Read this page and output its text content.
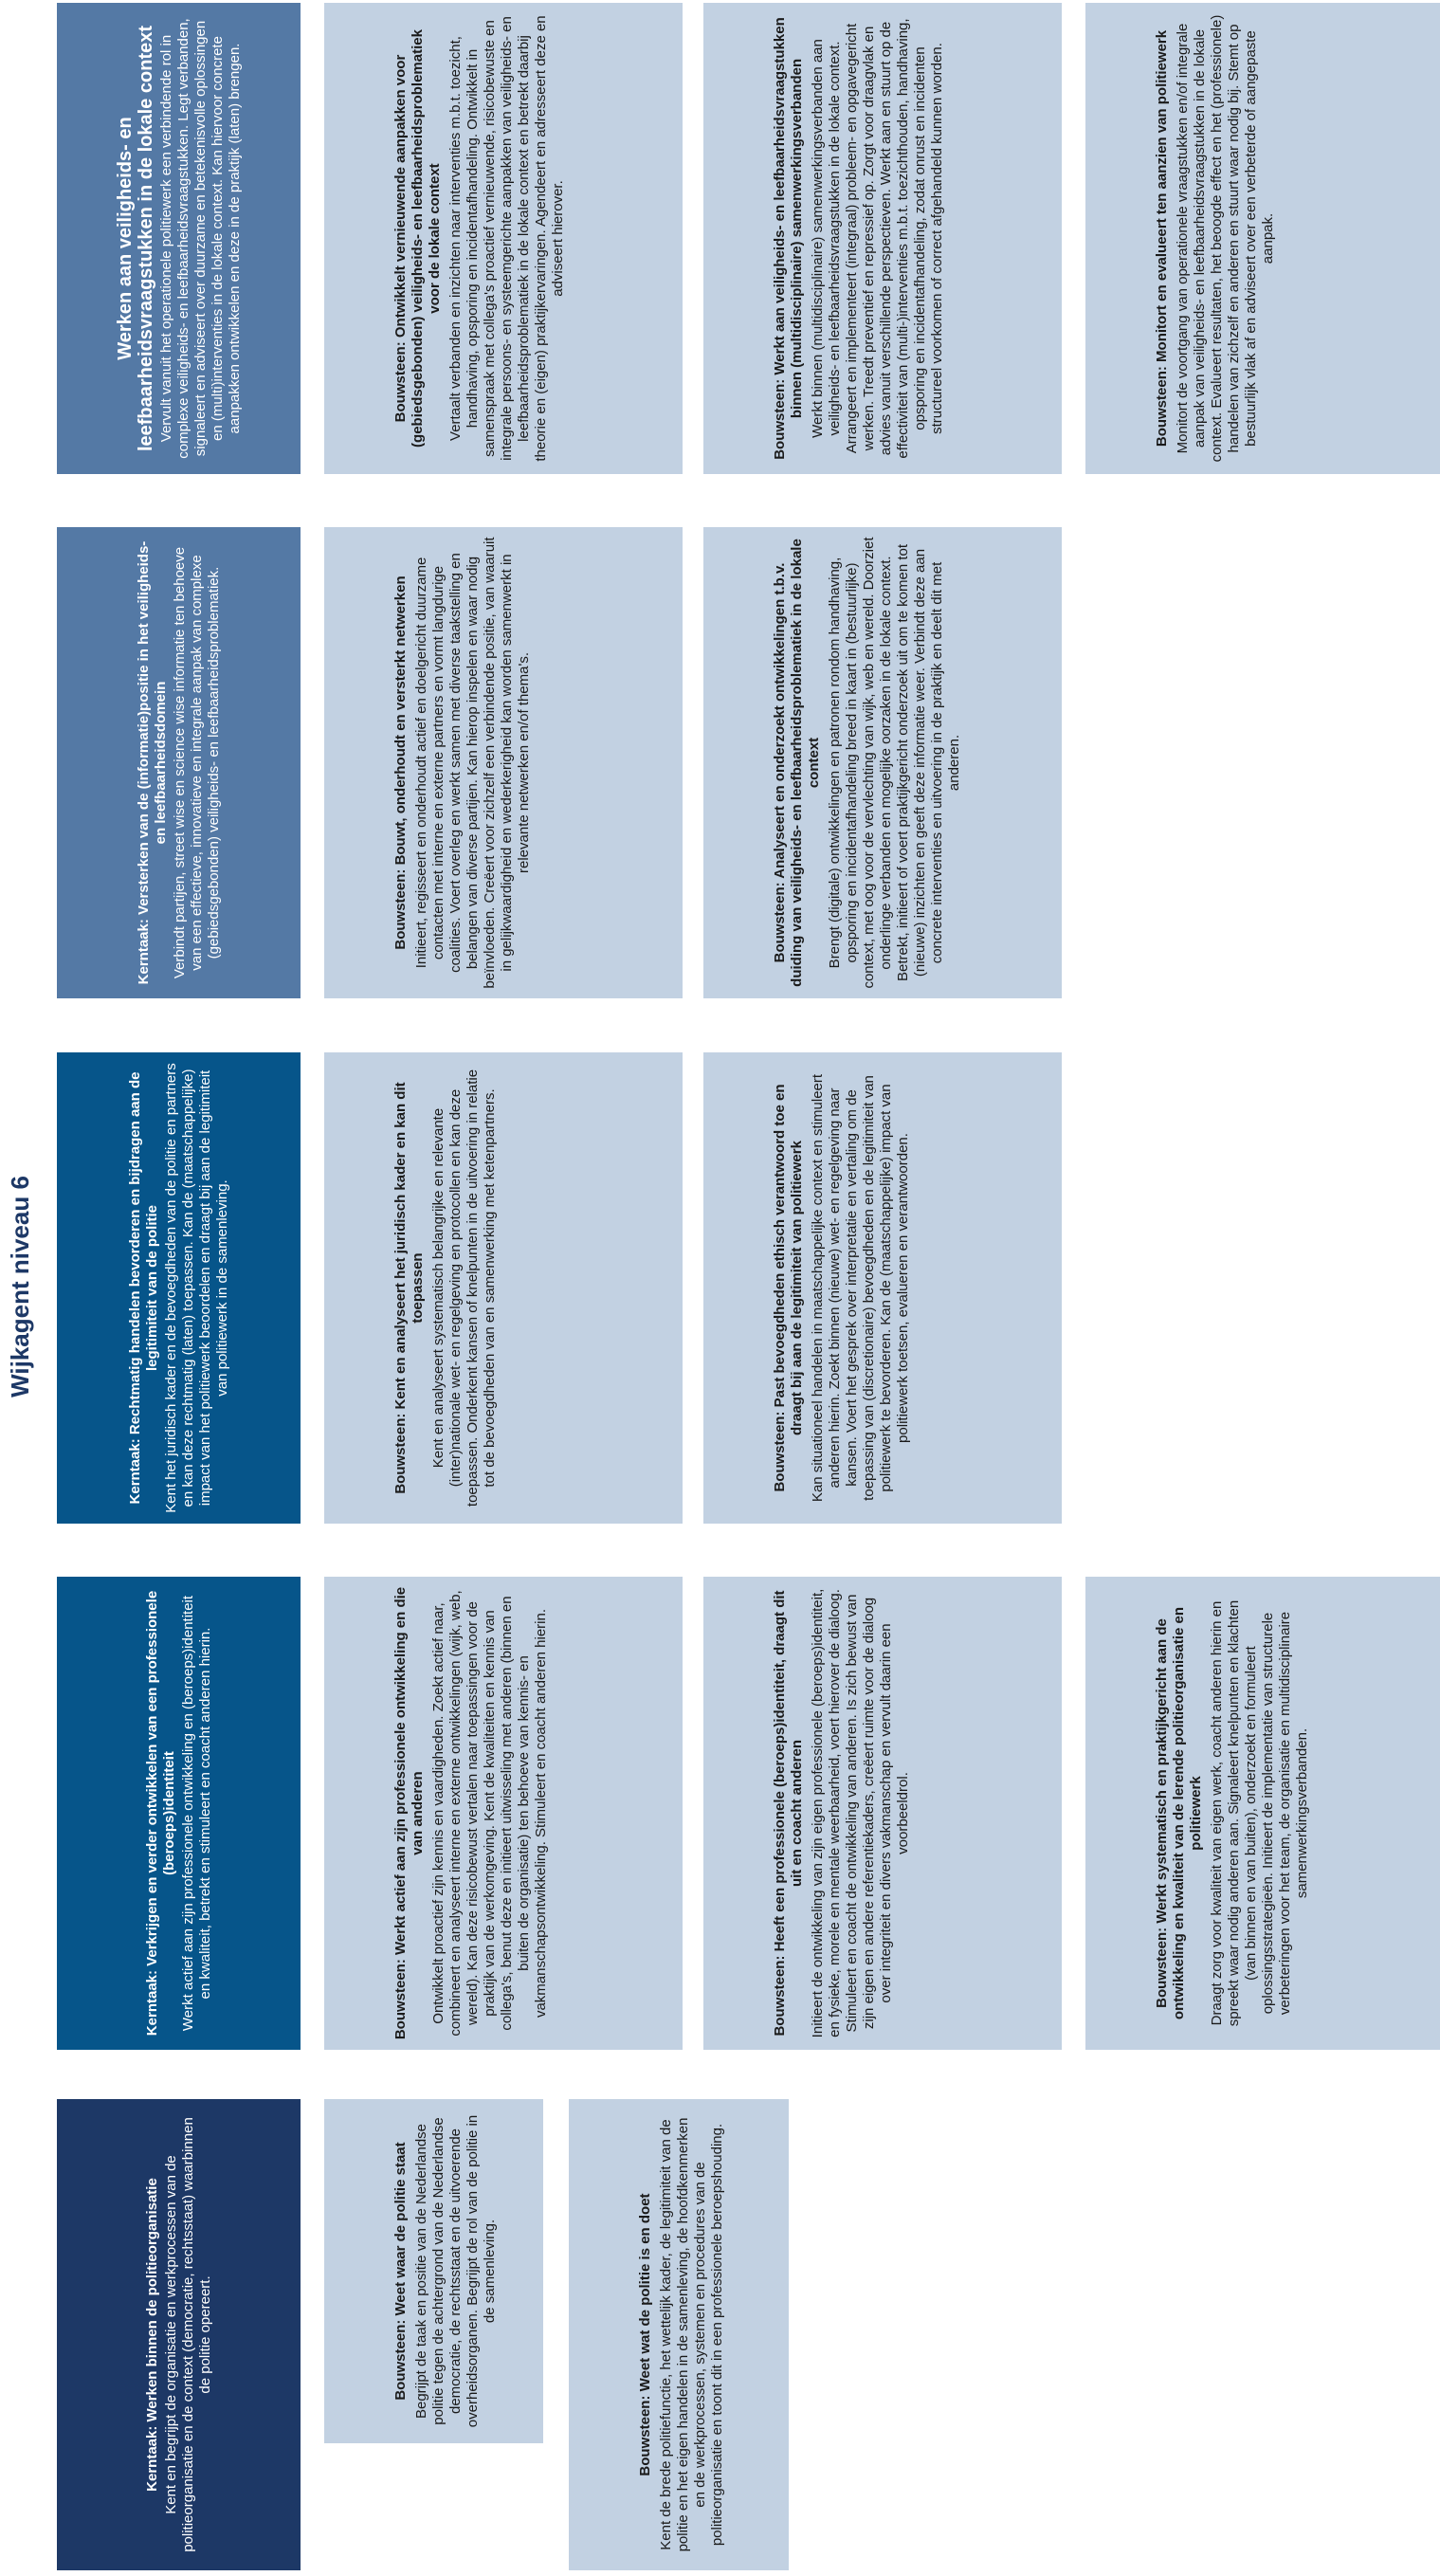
Wijkagent niveau 6
Kerntaak: Werken binnen de politieorganisatie Kent en begrijpt de organisatie en werkprocessen van de politieorganisatie en de context (democratie, rechtsstaat) waarbinnen de politie opereert.	Bouwsteen: Weet waar de politie staat Begrijpt de taak en positie van de Nederlandse politie tegen de achtergrond van de Nederlandse democratie, de rechtsstaat en de uitvoerende overheidsorganen. Begrijpt de rol van de politie in de samenleving.	Bouwsteen: Weet wat de politie is en doet Kent de brede politiefunctie, het wettelijk kader, de legitimiteit van de politie en het eigen handelen in de samenleving, de hoofdkenmerken en de werkprocessen, systemen en procedures van de politieorganisatie en toont dit in een professionele beroepshouding.
Kerntaak: Verkrijgen en verder ontwikkelen van een professionele (beroeps)identiteit Werkt actief aan zijn professionele ontwikkeling en (beroeps)identiteit en kwaliteit, betrekt en stimuleert en coacht anderen hierin.	Bouwsteen: Werkt actief aan zijn professionele ontwikkeling en die van anderen Ontwikkelt proactief zijn kennis en vaardigheden. Zoekt actief naar, combineert en analyseert interne en externe ontwikkelingen (wijk, web, wereld). Kan deze risicobewust vertalen naar toepassingen voor de praktijk van de werkomgeving. Kent de kwaliteiten en kennis van collega's, benut deze en initieert uitwisseling met anderen (binnen en buiten de organisatie) ten behoeve van kennis- en vakmanschapsontwikkeling. Stimuleert en coacht anderen hierin.	Bouwsteen: Heeft een professionele (beroeps)identiteit, draagt dit uit en coacht anderen Initieert de ontwikkeling van zijn eigen professionele (beroeps)identiteit, en fysieke, morele en mentale weerbaarheid, voert hierover de dialoog. Stimuleert en coacht de ontwikkeling van anderen. Is zich bewust van zijn eigen en andere referentiekaders, creëert ruimte voor de dialoog over integriteit en divers vakmanschap en vervult daarin een voorbeeldrol.	Bouwsteen: Werkt systematisch en praktijkgericht aan de ontwikkeling en kwaliteit van de lerende politieorganisatie en politiewerk Draagt zorg voor kwaliteit van eigen werk, coacht anderen hierin en spreekt waar nodig anderen aan. Signaleert knelpunten en klachten (van binnen en van buiten), onderzoekt en formuleert oplossingsstrategieën. Initieert de implementatie van structurele verbeteringen voor het team, de organisatie en multidisciplinaire samenwerkingsverbanden.
Kerntaak: Rechtmatig handelen bevorderen en bijdragen aan de legitimiteit van de politie Kent het juridisch kader en de bevoegdheden van de politie en partners en kan deze rechtmatig (laten) toepassen. Kan de (maatschappelijke) impact van het politiewerk beoordelen en draagt bij aan de legitimiteit van politiewerk in de samenleving.	Bouwsteen: Kent en analyseert het juridisch kader en kan dit toepassen Kent en analyseert systematisch belangrijke en relevante (inter)nationale wet- en regelgeving en protocollen en kan deze toepassen. Onderkent kansen of knelpunten in de uitvoering in relatie tot de bevoegdheden van en samenwerking met ketenpartners.	Bouwsteen: Past bevoegdheden ethisch verantwoord toe en draagt bij aan de legitimiteit van politiewerk Kan situationeel handelen in maatschappelijke context en stimuleert anderen hierin. Zoekt binnen (nieuwe) wet- en regelgeving naar kansen. Voert het gesprek over interpretatie en vertaling om de toepassing van (discretionaire) bevoegdheden en de legitimiteit van politiewerk te bevorderen. Kan de (maatschappelijke) impact van politiewerk toetsen, evalueren en verantwoorden.
Kerntaak: Versterken van de (informatie)positie in het veiligheids- en leefbaarheidsdomein Verbindt partijen, street wise en science wise informatie ten behoeve van een effectieve, innovatieve en integrale aanpak van complexe (gebiedsgebonden) veiligheids- en leefbaarheidsproblematiek.	Bouwsteen: Bouwt, onderhoudt en versterkt netwerken Initieert, regisseert en onderhoudt actief en doelgericht duurzame contacten met interne en externe partners en vormt langdurige coalities. Voert overleg en werkt samen met diverse taakstelling en belangen van diverse partijen. Kan hierop inspelen en waar nodig beïnvloeden. Creëert voor zichzelf een verbindende positie, van waaruit in gelijkwaardigheid en wederkerigheid kan worden samenwerkt in relevante netwerken en/of thema's.	Bouwsteen: Analyseert en onderzoekt ontwikkelingen t.b.v. duiding van veiligheids- en leefbaarheidsproblematiek in de lokale context Brengt (digitale) ontwikkelingen en patronen rondom handhaving, opsporing en incidentafhandeling breed in kaart in (bestuurlijke) context, met oog voor de vervlechting van wijk, web en wereld. Doorziet onderlinge verbanden en mogelijke oorzaken in de lokale context. Betrekt, initieert of voert praktijkgericht onderzoek uit om te komen tot (nieuwe) inzichten en geeft deze informatie weer. Verbindt deze aan concrete interventies en uitvoering in de praktijk en deelt dit met anderen.
Werken aan veiligheids- en leefbaarheidsvraagstukken in de lokale context Vervult vanuit het operationele politiewerk een verbindende rol in complexe veiligheids- en leefbaarheidsvraagstukken. Legt verbanden, signaleert en adviseert over duurzame en betekenisvolle oplossingen en (multi)interventies in de lokale context. Kan hiervoor concrete aanpakken ontwikkelen en deze in de praktijk (laten) brengen.	Bouwsteen: Ontwikkelt vernieuwende aanpakken voor (gebiedsgebonden) veiligheids- en leefbaarheidsproblematiek voor de lokale context Vertaalt verbanden en inzichten naar interventies m.b.t. toezicht, handhaving, opsporing en incidentafhandeling. Ontwikkelt in samenspraak met collega's proactief vernieuwende, risicobewuste en integrale persoons- en systeemgerichte aanpakken van veiligheids- en leefbaarheidsproblematiek in de lokale context en betrekt daarbij theorie en (eigen) praktijkervaringen. Agendeert en adresseert deze en adviseert hierover.	Bouwsteen: Werkt aan veiligheids- en leefbaarheidsvraagstukken binnen (multidisciplinaire) samenwerkingsverbanden Werkt binnen (multidisciplinaire) samenwerkingsverbanden aan veiligheids- en leefbaarheidsvraagstukken in de lokale context. Arrangeert en implementeert (integraal) probleem- en opgavegericht werken. Treedt preventief en repressief op. Zorgt voor draagvlak en advies vanuit verschillende perspectieven. Werkt aan en stuurt op de effectiviteit van (multi-)interventies m.b.t. toezichthouden, handhaving, opsporing en incidentafhandeling, zodat onrust en incidenten structureel voorkomen of correct afgehandeld kunnen worden.	Bouwsteen: Monitort en evalueert ten aanzien van politiewerk Monitort de voortgang van operationele vraagstukken en/of integrale aanpak van veiligheids- en leefbaarheidsvraagstukken in de lokale context. Evalueert resultaten, het beoogde effect en het (professionele) handelen van zichzelf en anderen en stuurt waar nodig bij. Stemt op bestuurlijk vlak af en adviseert over een verbeterde of aangepaste aanpak.
